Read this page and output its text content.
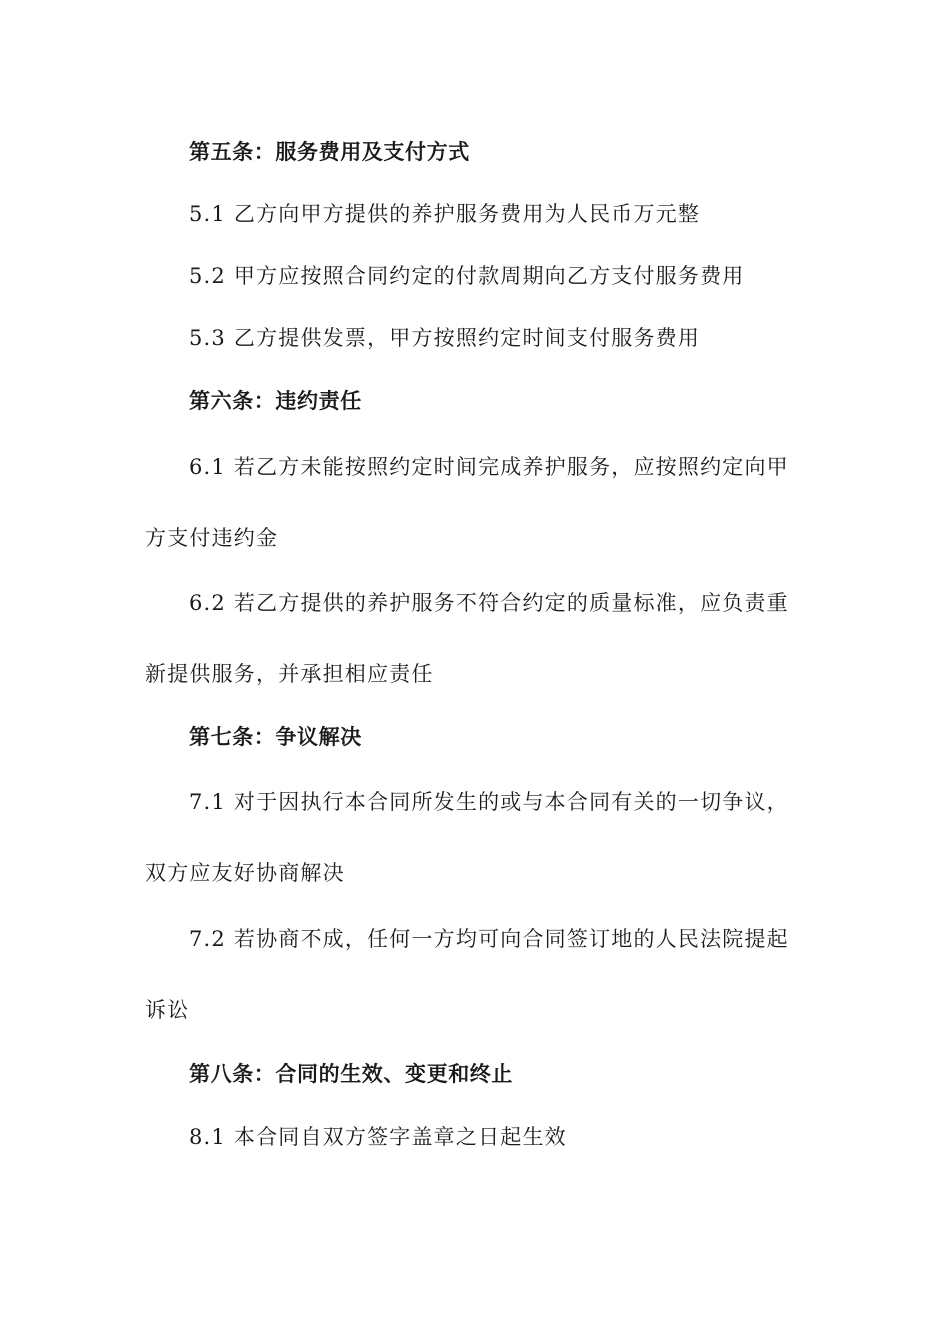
第五条：服务费用及支付方式
5.1 乙方向甲方提供的养护服务费用为人民币万元整
5.2 甲方应按照合同约定的付款周期向乙方支付服务费用
5.3 乙方提供发票，甲方按照约定时间支付服务费用
第六条：违约责任
6.1 若乙方未能按照约定时间完成养护服务，应按照约定向甲
方支付违约金
6.2 若乙方提供的养护服务不符合约定的质量标准，应负责重
新提供服务，并承担相应责任
第七条：争议解决
7.1 对于因执行本合同所发生的或与本合同有关的一切争议，
双方应友好协商解决
7.2 若协商不成，任何一方均可向合同签订地的人民法院提起
诉讼
第八条：合同的生效、变更和终止
8.1 本合同自双方签字盖章之日起生效
